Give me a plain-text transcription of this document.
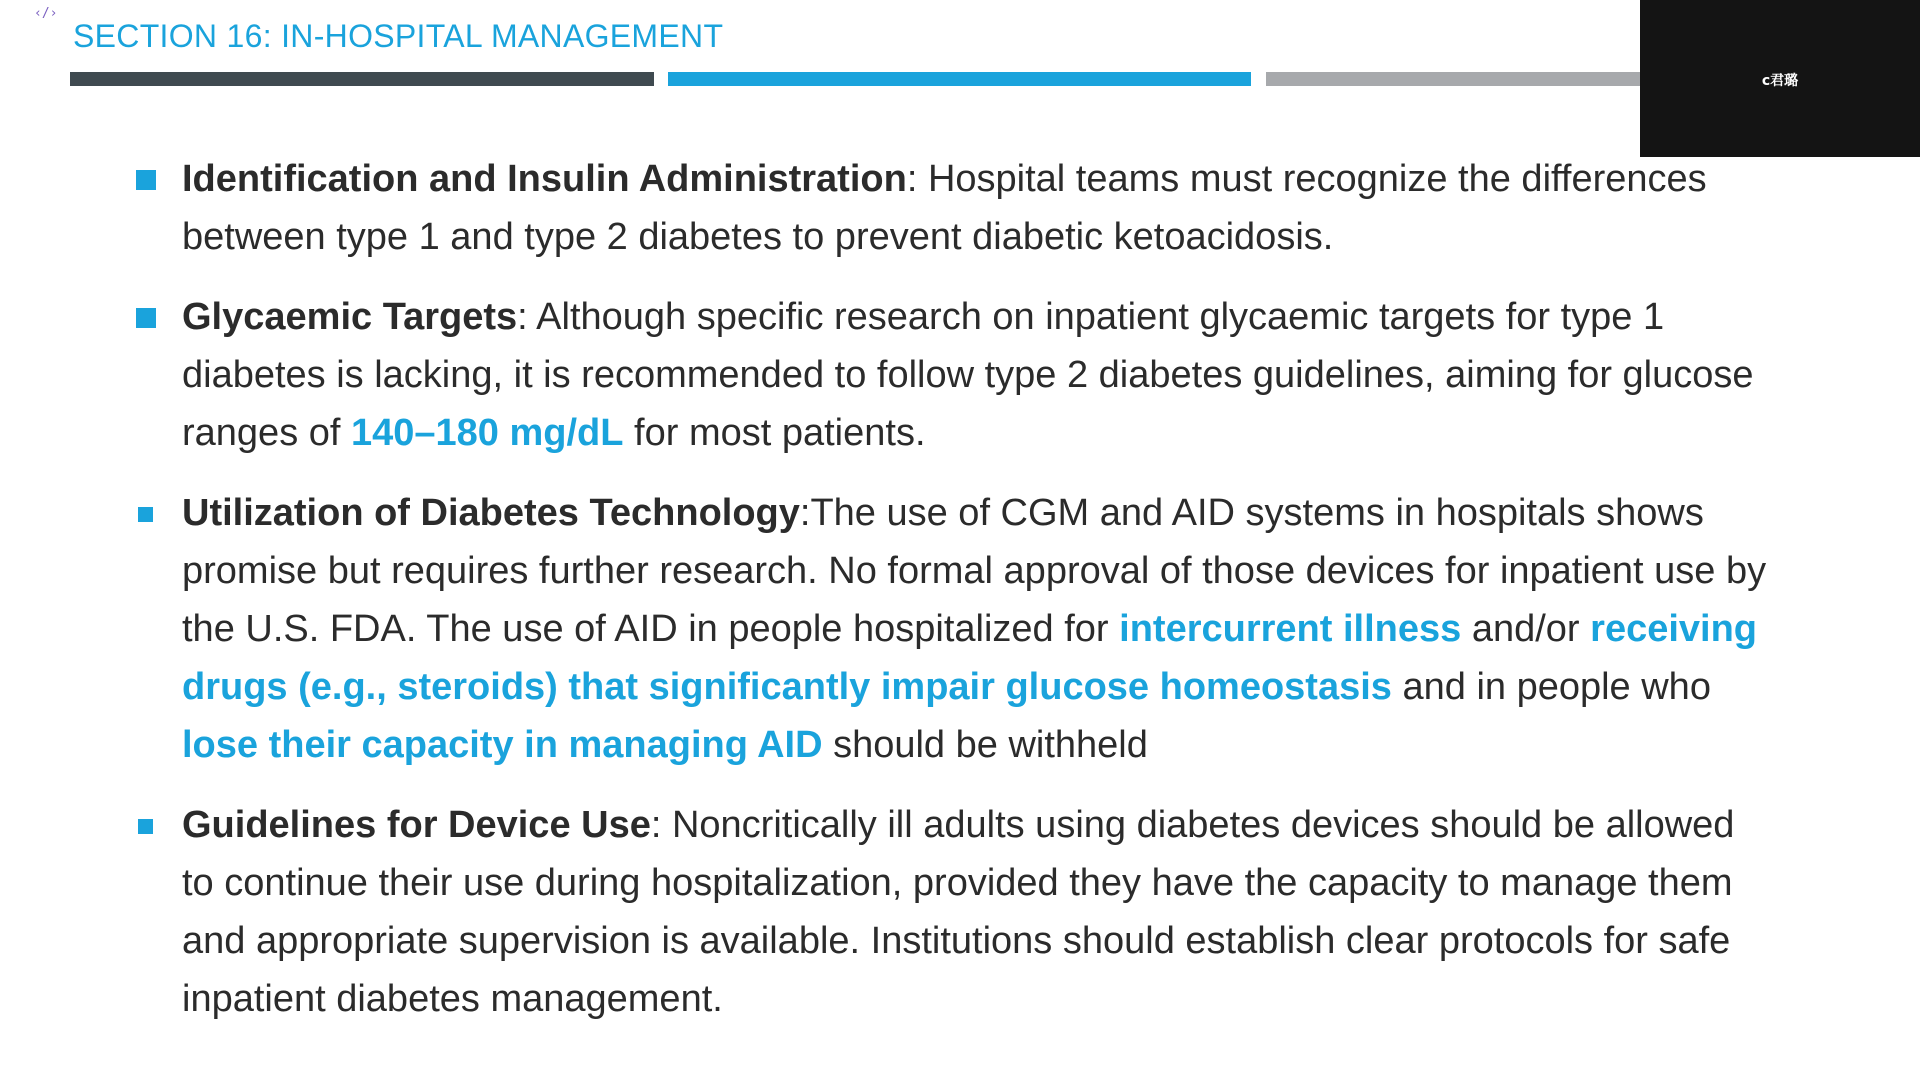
‹/›
SECTION 16: IN-HOSPITAL MANAGEMENT
c君璐
Identification and Insulin Administration: Hospital teams must recognize the differences between type 1 and type 2 diabetes to prevent diabetic ketoacidosis.
Glycaemic Targets: Although specific research on inpatient glycaemic targets for type 1 diabetes is lacking, it is recommended to follow type 2 diabetes guidelines, aiming for glucose ranges of 140–180 mg/dL for most patients.
Utilization of Diabetes Technology:The use of CGM and AID systems in hospitals shows promise but requires further research. No formal approval of those devices for inpatient use by the U.S. FDA. The use of AID in people hospitalized for intercurrent illness and/or receiving drugs (e.g., steroids) that significantly impair glucose homeostasis and in people who lose their capacity in managing AID should be withheld
Guidelines for Device Use: Noncritically ill adults using diabetes devices should be allowed to continue their use during hospitalization, provided they have the capacity to manage them and appropriate supervision is available. Institutions should establish clear protocols for safe inpatient diabetes management.
